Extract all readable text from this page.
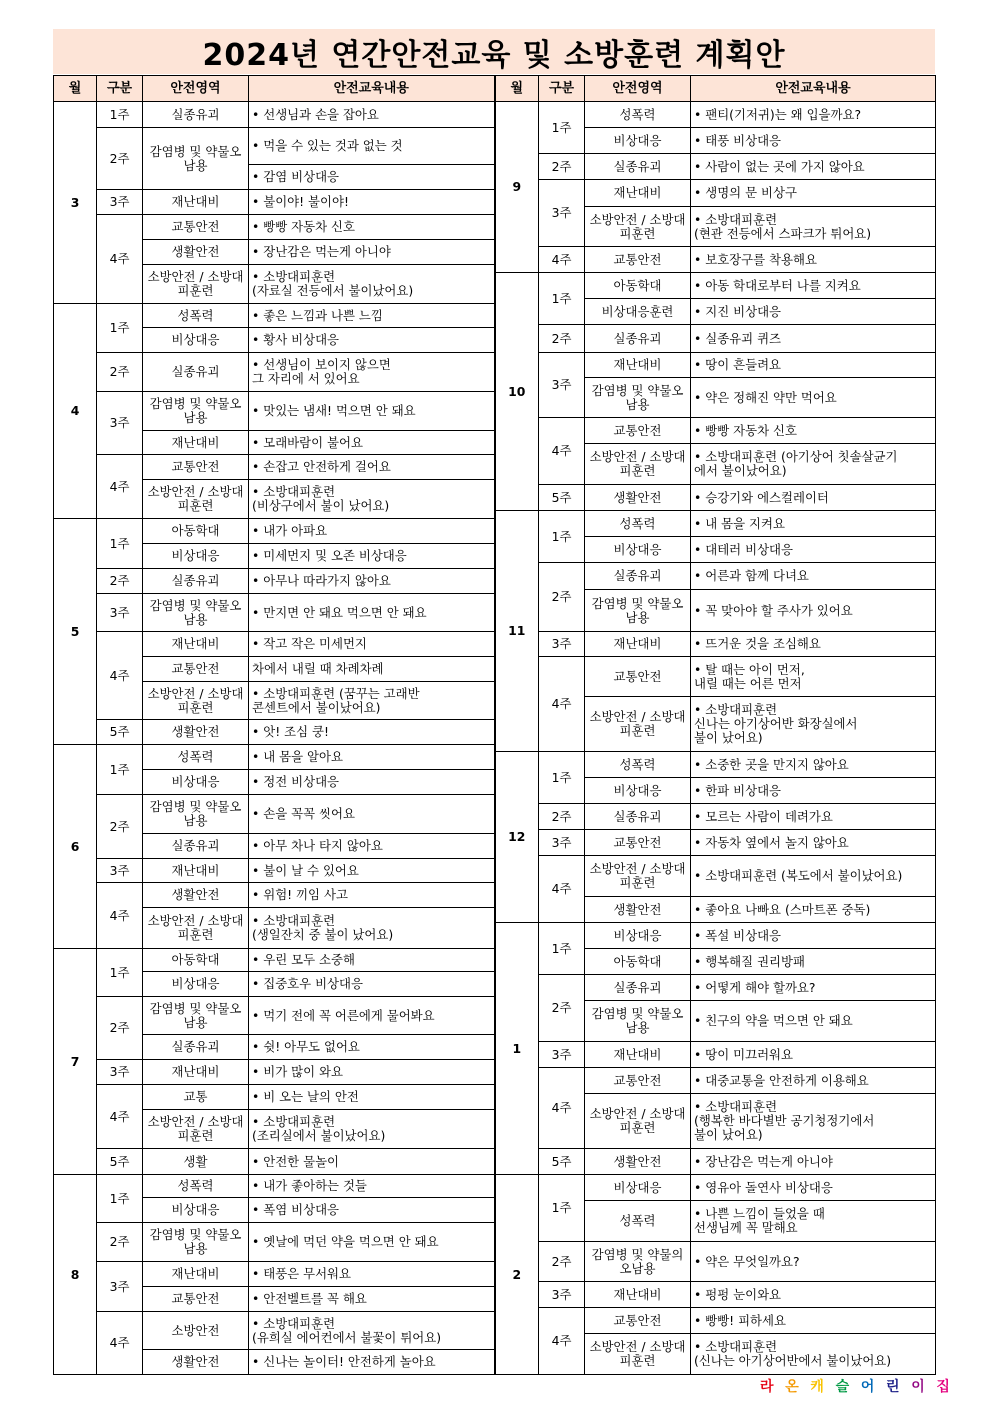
2024년 연간안전교육 및 소방훈련 계획안
월	구분	안전영역	안전교육내용	월	구분	안전영역	안전교육내용
3	1주	실종유괴	• 선생님과 손을 잡아요	9	1주	성폭력	• 팬티(기저귀)는 왜 입을까요?
	2주	감염병 및 약물오남용	• 먹을 수 있는 것과 없는 것			비상대응	• 태풍 비상대응
					2주	실종유괴	• 사람이 없는 곳에 가지 않아요
			• 감염 비상대응				
					3주	재난대비	• 생명의 문 비상구
	3주	재난대비	• 불이야! 불이야!				
						소방안전 / 소방대피훈련	• 소방대피훈련
(현관 전등에서 스파크가 튀어요)
	4주	교통안전	• 빵빵 자동차 신호				
		생활안전	• 장난감은 먹는게 아니야				
					4주	교통안전	• 보호장구를 착용해요
		소방안전 / 소방대피훈련	• 소방대피훈련
(자료실 전등에서 불이났어요)				
				10	1주	아동학대	• 아동 학대로부터 나를 지켜요
						비상대응훈련	• 지진 비상대응
4	1주	성폭력	• 좋은 느낌과 나쁜 느낌				
					2주	실종유괴	• 실종유괴 퀴즈
		비상대응	• 황사 비상대응				
	2주	실종유괴	• 선생님이 보이지 않으면
그 자리에 서 있어요		3주	재난대비	• 땅이 흔들려요
						감염병 및 약물오남용	• 약은 정해진 약만 먹어요
	3주	감염병 및 약물오남용	• 맛있는 냄새! 먹으면 안 돼요				
					4주	교통안전	• 빵빵 자동차 신호
		재난대비	• 모래바람이 불어요				
						소방안전 / 소방대피훈련	• 소방대피훈련 (아기상어 칫솔살균기
에서 불이났어요)
	4주	교통안전	• 손잡고 안전하게 걸어요				
		소방안전 / 소방대피훈련	• 소방대피훈련
(비상구에서 불이 났어요)				
					5주	생활안전	• 승강기와 에스컬레이터
				11	1주	성폭력	• 내 몸을 지켜요
5	1주	아동학대	• 내가 아파요				
						비상대응	• 대테러 비상대응
		비상대응	• 미세먼지 및 오존 비상대응				
					2주	실종유괴	• 어른과 함께 다녀요
	2주	실종유괴	• 아무나 따라가지 않아요				
						감염병 및 약물오남용	• 꼭 맞아야 할 주사가 있어요
	3주	감염병 및 약물오남용	• 만지면 안 돼요 먹으면 안 돼요				
	4주	재난대비	• 작고 작은 미세먼지		3주	재난대비	• 뜨거운 것을 조심해요
		교통안전	차에서 내릴 때 차례차례		4주	교통안전	• 탈 때는 아이 먼저,
내릴 때는 어른 먼저
		소방안전 / 소방대피훈련	• 소방대피훈련 (꿈꾸는 고래반
콘센트에서 불이났어요)				
						소방안전 / 소방대피훈련	• 소방대피훈련
신나는 아기상어반 화장실에서
불이 났어요)
	5주	생활안전	• 앗! 조심 쿵!				
6	1주	성폭력	• 내 몸을 알아요				
				12	1주	성폭력	• 소중한 곳을 만지지 않아요
		비상대응	• 정전 비상대응				
						비상대응	• 한파 비상대응
	2주	감염병 및 약물오남용	• 손을 꼭꼭 씻어요				
					2주	실종유괴	• 모르는 사람이 데려가요
					3주	교통안전	• 자동차 옆에서 놀지 않아요
		실종유괴	• 아무 차나 타지 않아요				
					4주	소방안전 / 소방대피훈련	• 소방대피훈련 (복도에서 불이났어요)
	3주	재난대비	• 불이 날 수 있어요				
	4주	생활안전	• 위험! 끼임 사고				
						생활안전	• 좋아요 나빠요 (스마트폰 중독)
		소방안전 / 소방대피훈련	• 소방대피훈련
(생일잔치 중 불이 났어요)				
				1	1주	비상대응	• 폭설 비상대응
7	1주	아동학대	• 우린 모두 소중해			아동학대	• 행복해질 권리방패
		비상대응	• 집중호우 비상대응				
					2주	실종유괴	• 어떻게 해야 할까요?
	2주	감염병 및 약물오남용	• 먹기 전에 꼭 어른에게 물어봐요				
						감염병 및 약물오남용	• 친구의 약을 먹으면 안 돼요
		실종유괴	• 쉿! 아무도 없어요				
					3주	재난대비	• 땅이 미끄러워요
	3주	재난대비	• 비가 많이 와요				
					4주	교통안전	• 대중교통을 안전하게 이용해요
	4주	교통	• 비 오는 날의 안전				
						소방안전 / 소방대피훈련	• 소방대피훈련
(행복한 바다별반 공기청정기에서
불이 났어요)
		소방안전 / 소방대피훈련	• 소방대피훈련
(조리실에서 불이났어요)				
	5주	생활	• 안전한 물놀이		5주	생활안전	• 장난감은 먹는게 아니야
8	1주	성폭력	• 내가 좋아하는 것들	2	1주	비상대응	• 영유아 돌연사 비상대응
		비상대응	• 폭염 비상대응				
						성폭력	• 나쁜 느낌이 들었을 때
선생님께 꼭 말해요
	2주	감염병 및 약물오남용	• 옛날에 먹던 약을 먹으면 안 돼요				
					2주	감염병 및 약물의오남용	• 약은 무엇일까요?
	3주	재난대비	• 태풍은 무서워요				
					3주	재난대비	• 펑펑 눈이와요
		교통안전	• 안전벨트를 꼭 해요				
					4주	교통안전	• 빵빵! 피하세요
	4주	소방안전	• 소방대피훈련
(유희실 에어컨에서 불꽃이 튀어요)				
						소방안전 / 소방대피훈련	• 소방대피훈련
(신나는 아기상어반에서 불이났어요)
		생활안전	• 신나는 놀이터! 안전하게 놀아요				
라 온 캐 슬 어 린 이 집
